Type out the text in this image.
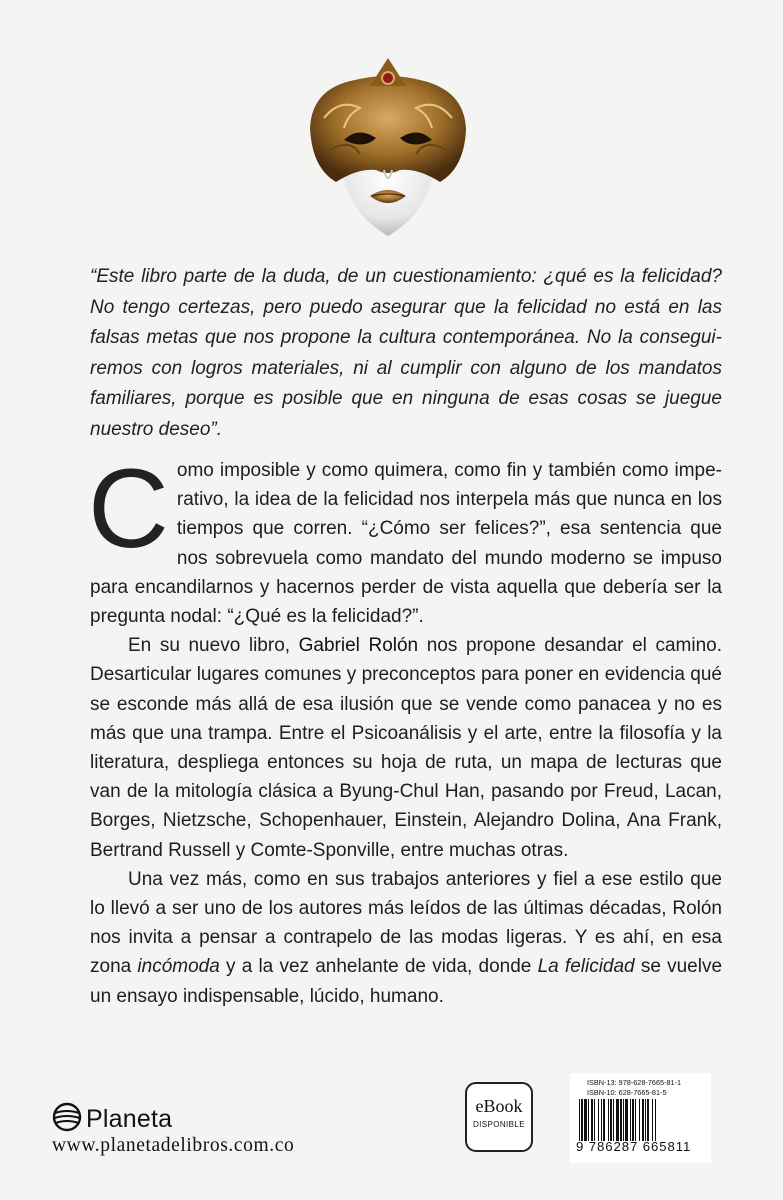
“Este libro parte de la duda, de un cuestionamiento: ¿qué es la felicidad? No tengo certezas, pero puedo asegurar que la felicidad no está en las falsas metas que nos propone la cultura contemporánea. No la conseguiremos con logros materiales, ni al cumplir con alguno de los mandatos familiares, porque es posible que en ninguna de esas cosas se juegue nuestro deseo”.

Como imposible y como quimera, como fin y también como imperativo, la idea de la felicidad nos interpela más que nunca en los tiempos que corren. “¿Cómo ser felices?”, esa sentencia que nos sobrevuela como mandato del mundo moderno se impuso para encandilarnos y hacernos perder de vista aquella que debería ser la pregunta nodal: “¿Qué es la felicidad?”.

En su nuevo libro, Gabriel Rolón nos propone desandar el camino. Desarticular lugares comunes y preconceptos para poner en evidencia qué se esconde más allá de esa ilusión que se vende como panacea y no es más que una trampa. Entre el Psicoanálisis y el arte, entre la filosofía y la literatura, despliega entonces su hoja de ruta, un mapa de lecturas que van de la mitología clásica a Byung-Chul Han, pasando por Freud, Lacan, Borges, Nietzsche, Schopenhauer, Einstein, Alejandro Dolina, Ana Frank, Bertrand Russell y Comte-Sponville, entre muchas otras.

Una vez más, como en sus trabajos anteriores y fiel a ese estilo que lo llevó a ser uno de los autores más leídos de las últimas décadas, Rolón nos invita a pensar a contrapelo de las modas ligeras. Y es ahí, en esa zona incómoda y a la vez anhelante de vida, donde La felicidad se vuelve un ensayo indispensable, lúcido, humano.

Planeta
www.planetadelibros.com.co
eBook
DISPONIBLE
ISBN-13: 978-628-7665-81-1
ISBN-10: 628-7665-81-5
9 786287 665811
